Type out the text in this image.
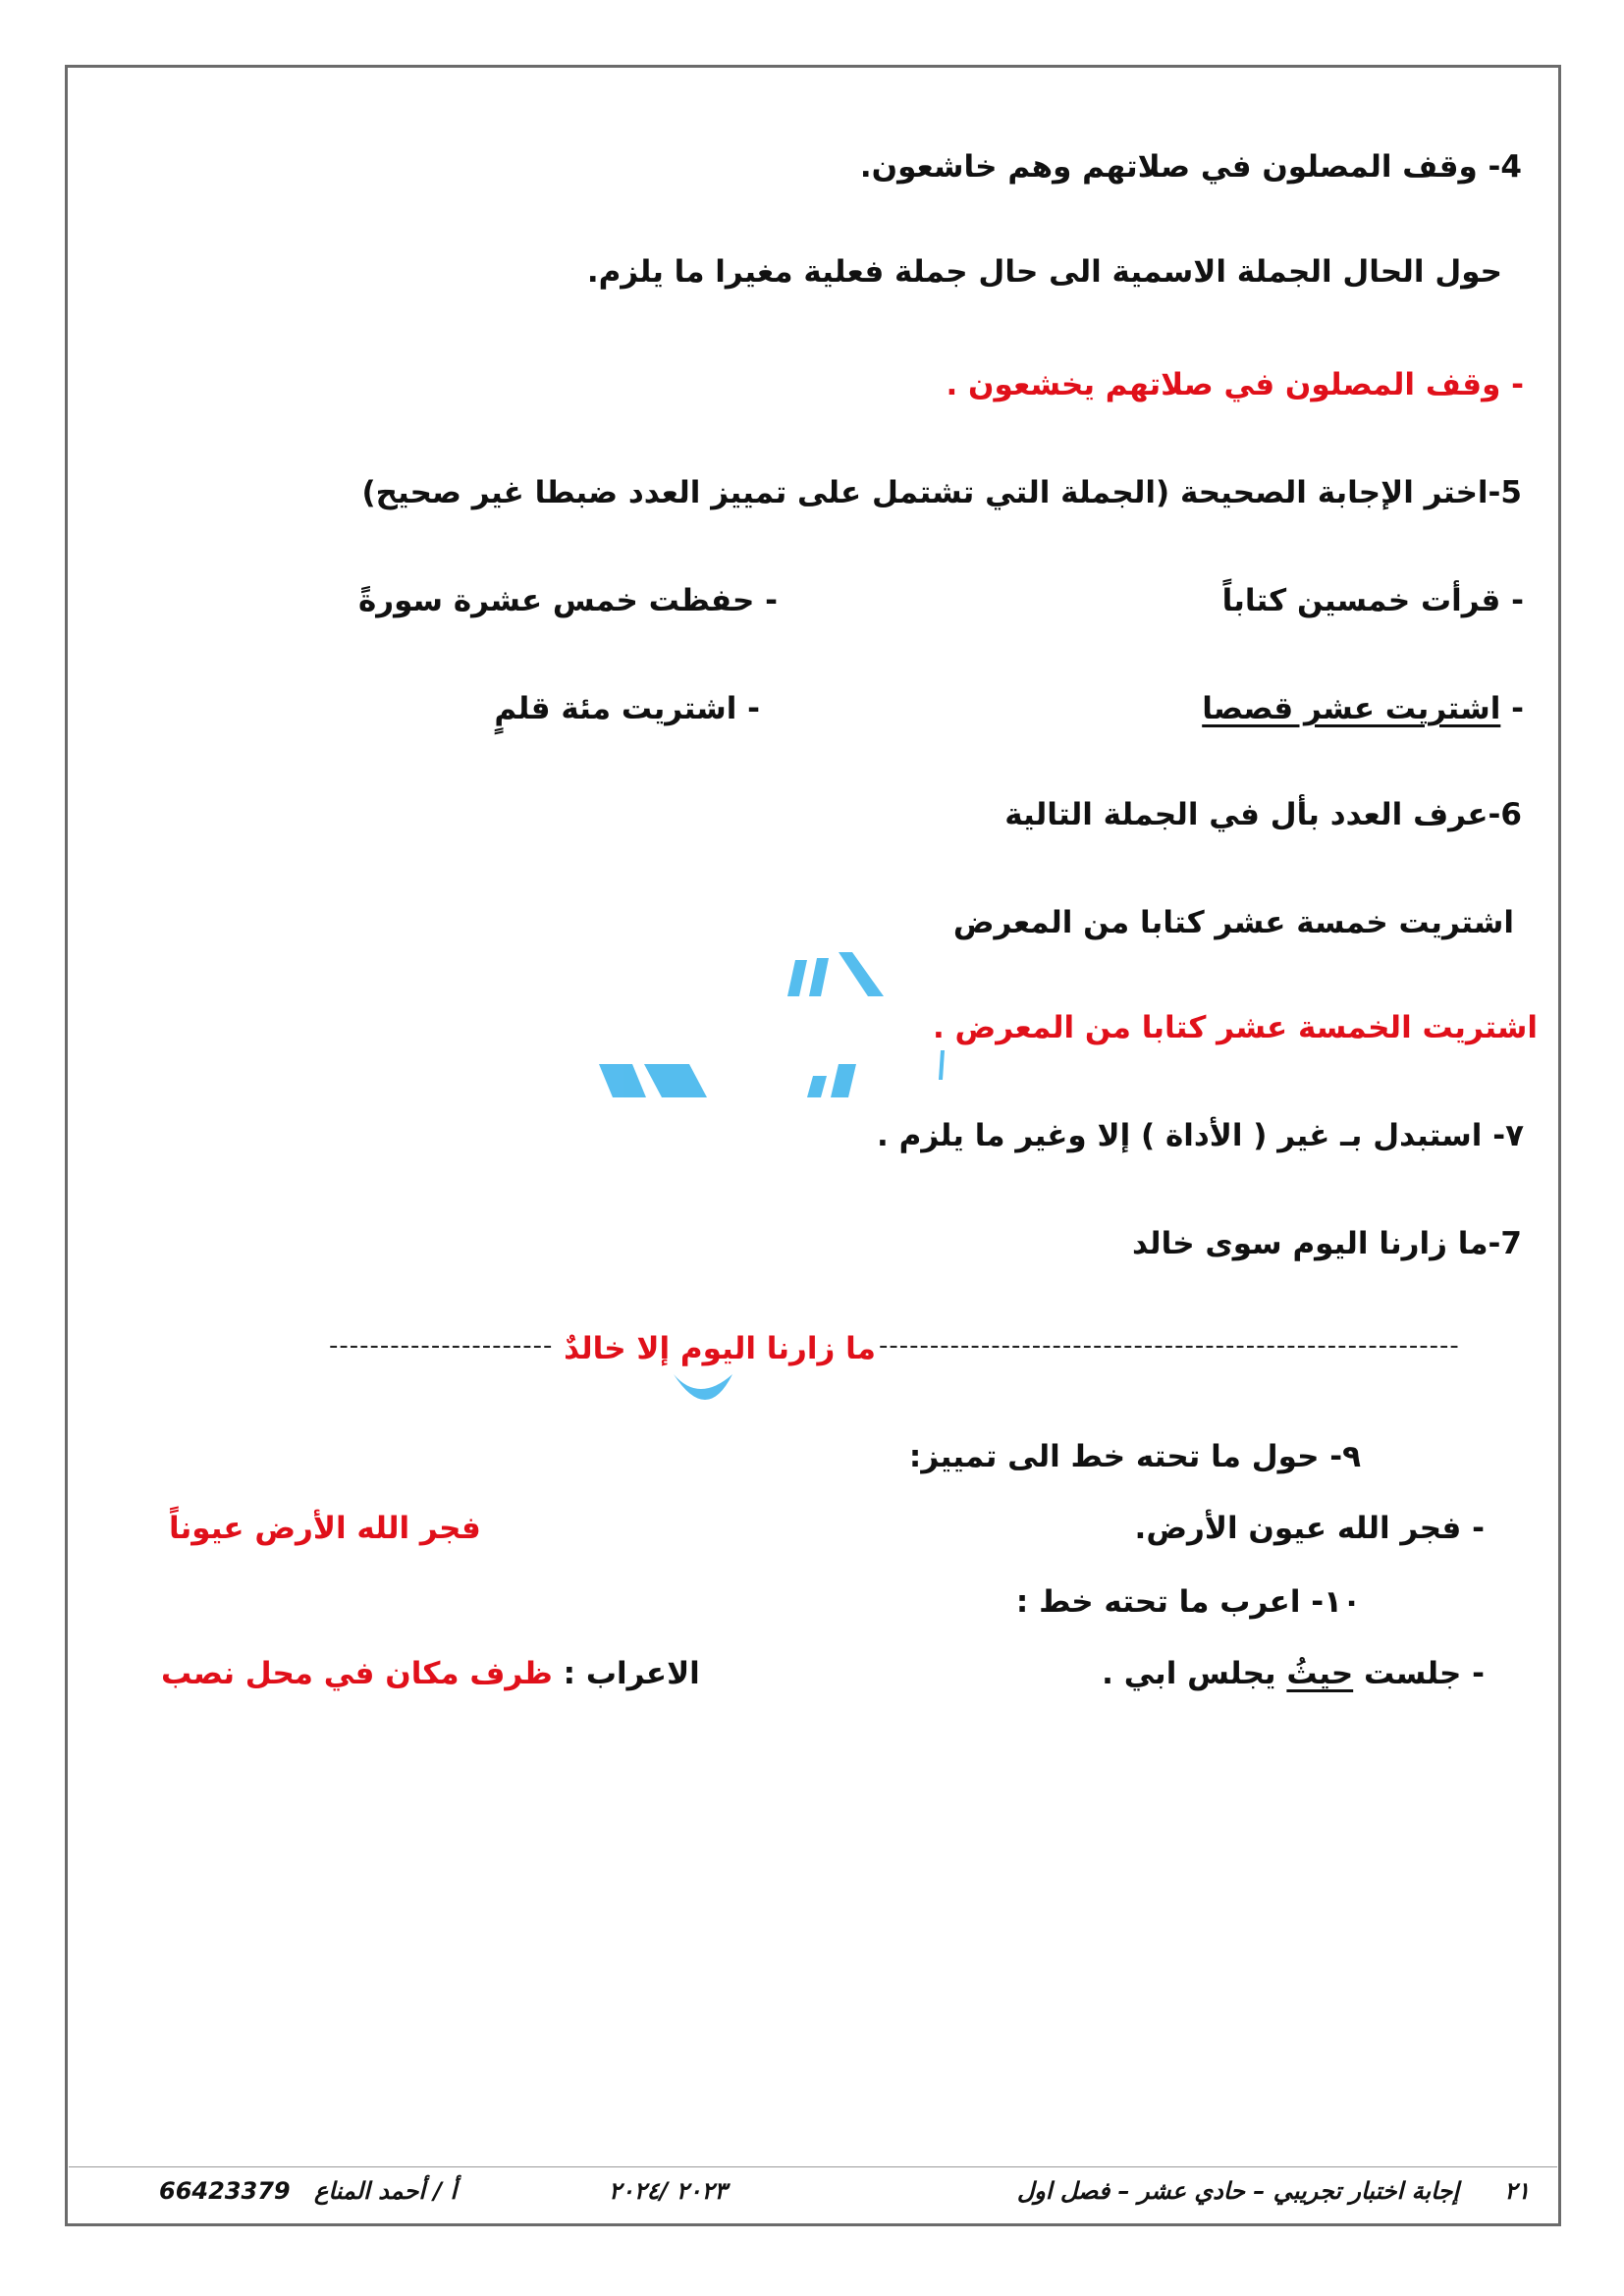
4- وقف المصلون في صلاتهم وهم خاشعون.
حول الحال الجملة الاسمية الى حال جملة فعلية مغيرا ما يلزم.
- وقف المصلون في صلاتهم يخشعون .
5-اختر الإجابة الصحيحة (الجملة التي تشتمل على تمييز العدد ضبطا غير صحيح)
- قرأت خمسين كتاباً
- حفظت خمس عشرة سورةً
- اشتريت عشر قصصا
- اشتريت مئة قلمٍ
6-عرف العدد بأل في الجملة التالية
اشتريت خمسة عشر كتابا من المعرض
اشتريت الخمسة عشر كتابا من المعرض .
٧- استبدل بـ غير ( الأداة ) إلا وغير ما يلزم .
7-ما زارنا اليوم سوى خالد
---------------------------------------------------------
ما زارنا اليوم إلا خالدٌ
----------------------
٩- حول ما تحته خط الى تمييز:
- فجر الله عيون الأرض.
فجر الله الأرض عيوناً
١٠- اعرب ما تحته خط :
- جلست حيثُ يجلس ابي .
الاعراب : ظرف مكان في محل نصب
٢١
إجابة اختبار تجريبي – حادي عشر – فصل اول
٢٠٢٣ /٢٠٢٤
أ / أحمد المناع
66423379
